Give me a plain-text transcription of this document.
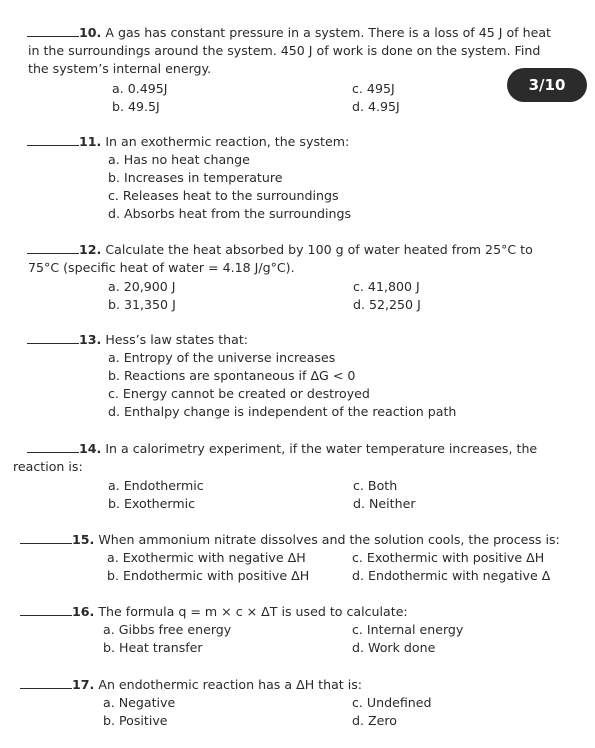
3/10
10. A gas has constant pressure in a system. There is a loss of 45 J of heat
in the surroundings around the system. 450 J of work is done on the system. Find
the system’s internal energy.
a. 0.495J	c. 495J
b. 49.5J	d. 4.95J
11. In an exothermic reaction, the system:
a. Has no heat change
b. Increases in temperature
c. Releases heat to the surroundings
d. Absorbs heat from the surroundings
12. Calculate the heat absorbed by 100 g of water heated from 25°C to
75°C (specific heat of water = 4.18 J/g°C).
a. 20,900 J	c. 41,800 J
b. 31,350 J	d. 52,250 J
13. Hess’s law states that:
a. Entropy of the universe increases
b. Reactions are spontaneous if ΔG < 0
c. Energy cannot be created or destroyed
d. Enthalpy change is independent of the reaction path
14. In a calorimetry experiment, if the water temperature increases, the
reaction is:
a. Endothermic	c. Both
b. Exothermic	d. Neither
15. When ammonium nitrate dissolves and the solution cools, the process is:
a. Exothermic with negative ΔH	c. Exothermic with positive ΔH
b. Endothermic with positive ΔH	d. Endothermic with negative Δ
16. The formula q = m × c × ΔT is used to calculate:
a. Gibbs free energy	c. Internal energy
b. Heat transfer	d. Work done
17. An endothermic reaction has a ΔH that is:
a. Negative	c. Undefined
b. Positive	d. Zero
